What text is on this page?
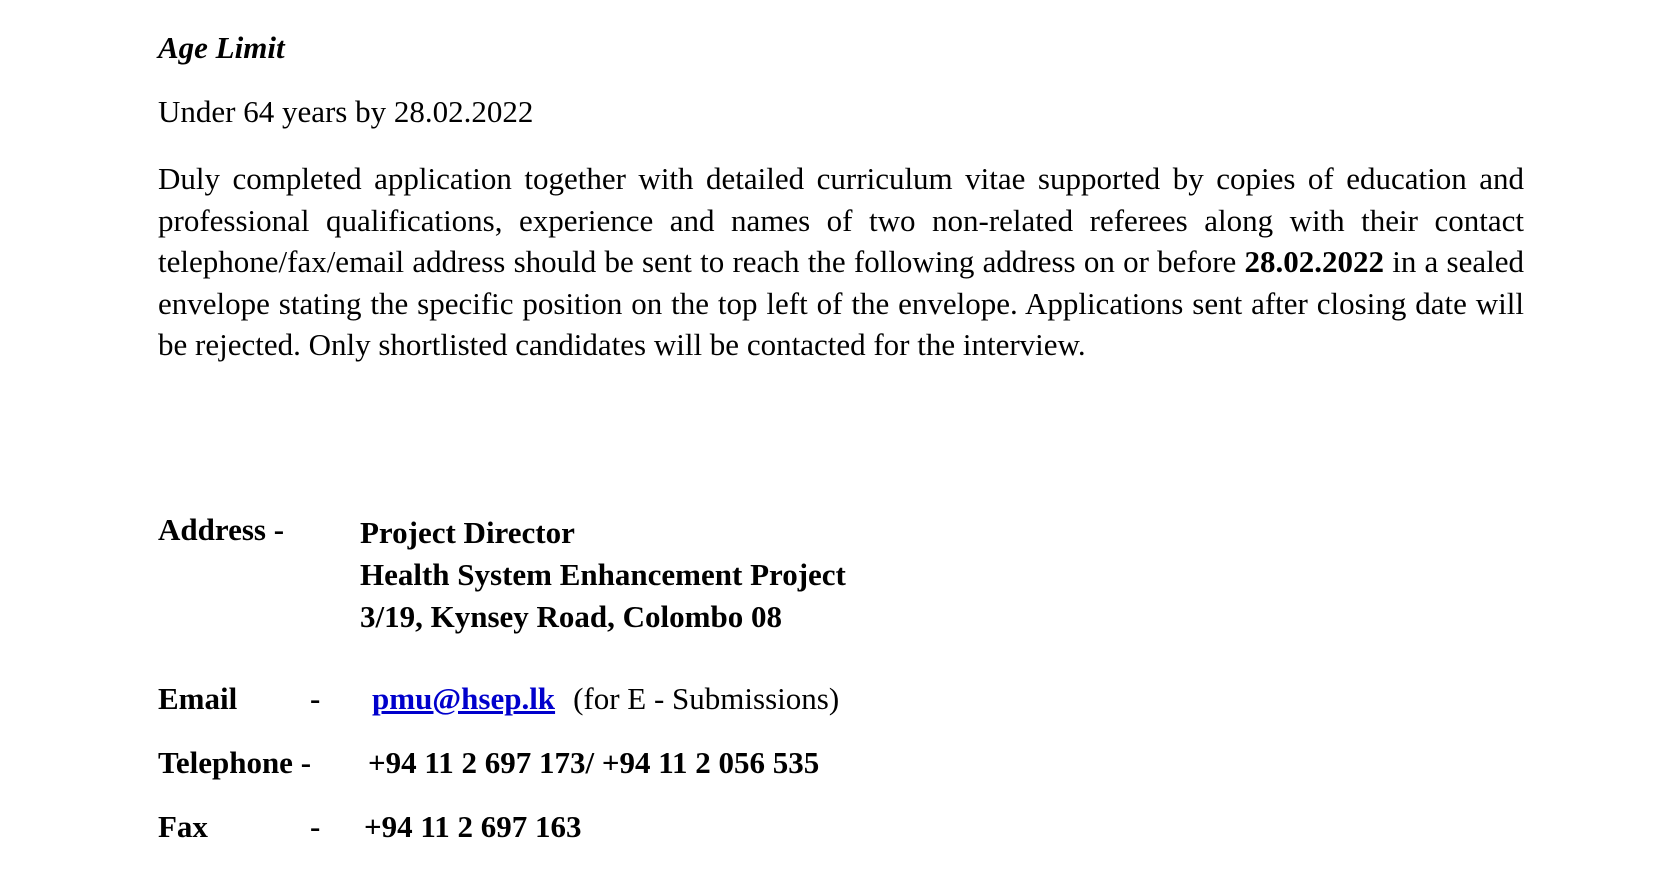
Age Limit

Under 64 years by 28.02.2022

Duly completed application together with detailed curriculum vitae supported by copies of education and professional qualifications, experience and names of two non-related referees along with their contact telephone/fax/email address should be sent to reach the following address on or before 28.02.2022 in a sealed envelope stating the specific position on the top left of the envelope. Applications sent after closing date will be rejected. Only shortlisted candidates will be contacted for the interview.

Address - Project Director
Health System Enhancement Project
3/19, Kynsey Road, Colombo 08
Email - pmu@hsep.lk (for E - Submissions)
Telephone - +94 11 2 697 173/ +94 11 2 056 535
Fax	- +94 11 2 697 163
